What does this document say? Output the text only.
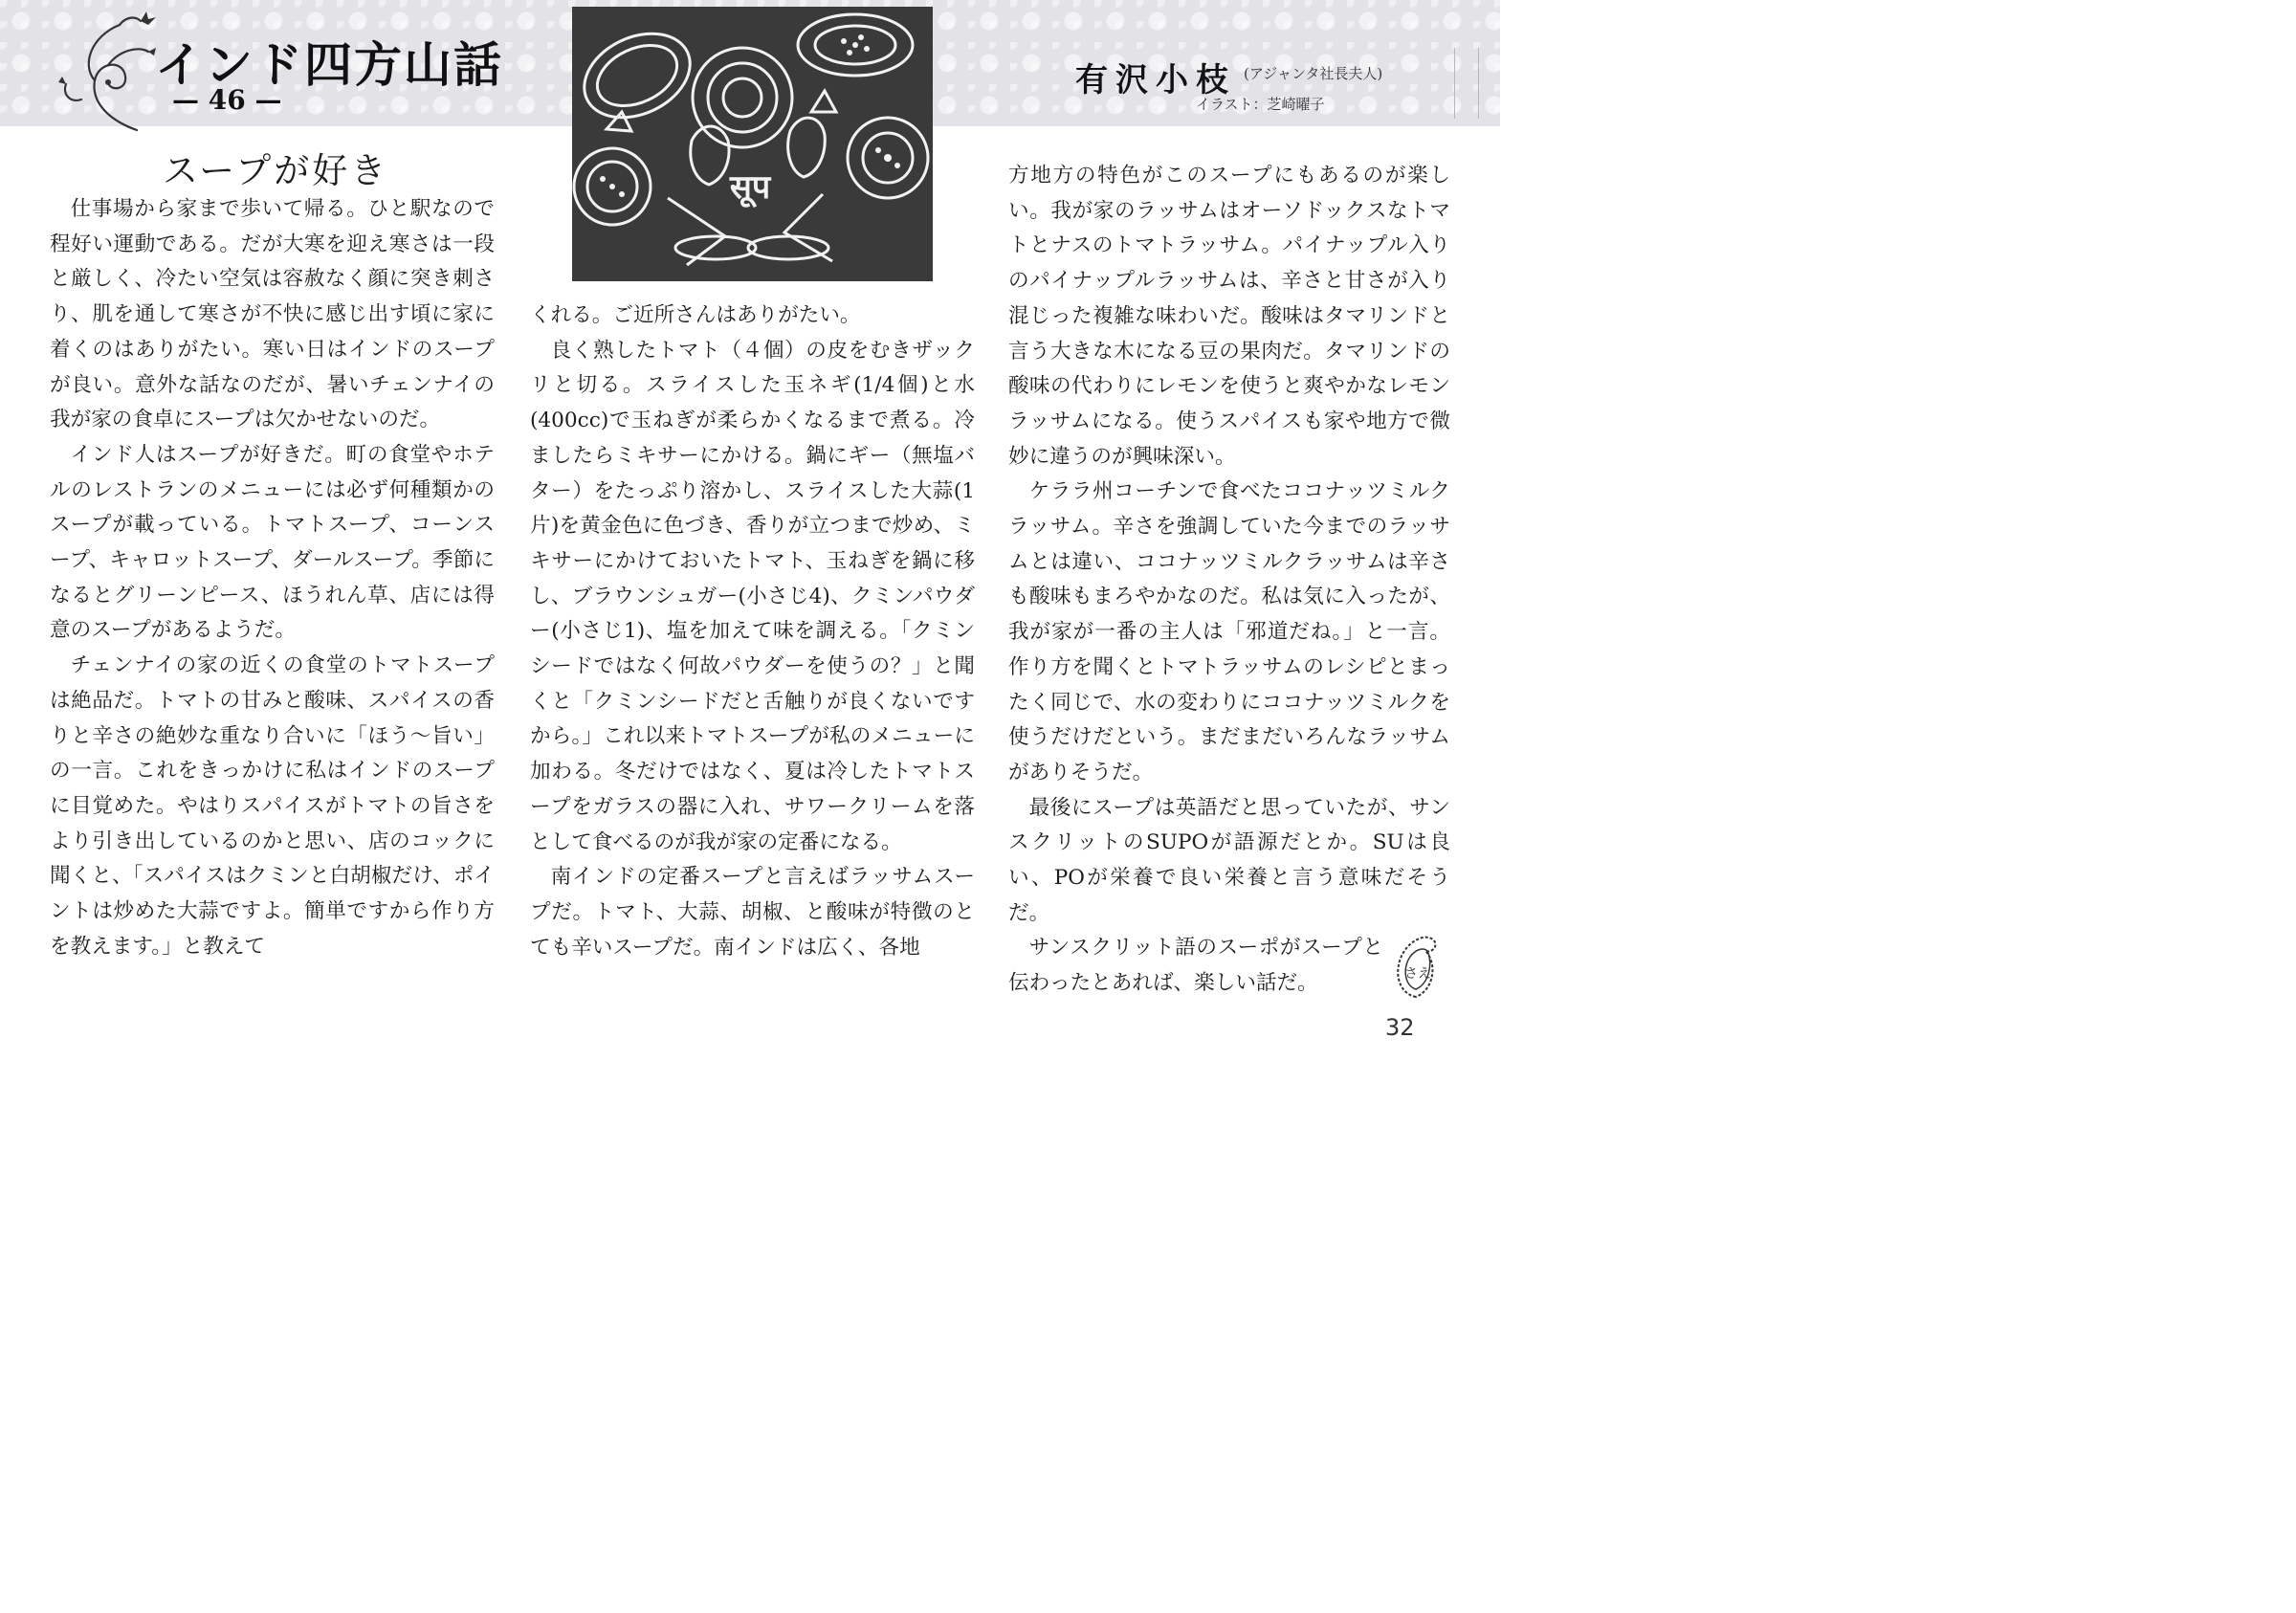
インド四方山話
— 46 —
सूप
有沢小枝 (アジャンタ社長夫人)
イラスト：芝崎曜子
スープが好き

仕事場から家まで歩いて帰る。ひと駅なので程好い運動である。だが大寒を迎え寒さは一段と厳しく、冷たい空気は容赦なく顔に突き刺さり、肌を通して寒さが不快に感じ出す頃に家に着くのはありがたい。寒い日はインドのスープが良い。意外な話なのだが、暑いチェンナイの我が家の食卓にスープは欠かせないのだ。

インド人はスープが好きだ。町の食堂やホテルのレストランのメニューには必ず何種類かのスープが載っている。トマトスープ、コーンスープ、キャロットスープ、ダールスープ。季節になるとグリーンピース、ほうれん草、店には得意のスープがあるようだ。

チェンナイの家の近くの食堂のトマトスープは絶品だ。トマトの甘みと酸味、スパイスの香りと辛さの絶妙な重なり合いに「ほう〜旨い」の一言。これをきっかけに私はインドのスープに目覚めた。やはりスパイスがトマトの旨さをより引き出しているのかと思い、店のコックに聞くと、「スパイスはクミンと白胡椒だけ、ポイントは炒めた大蒜ですよ。簡単ですから作り方を教えます。」と教えて

くれる。ご近所さんはありがたい。

良く熟したトマト（４個）の皮をむきザックリと切る。スライスした玉ネギ(1/4個)と水(400cc)で玉ねぎが柔らかくなるまで煮る。冷ましたらミキサーにかける。鍋にギー（無塩バター）をたっぷり溶かし、スライスした大蒜(1片)を黄金色に色づき、香りが立つまで炒め、ミキサーにかけておいたトマト、玉ねぎを鍋に移し、ブラウンシュガー(小さじ4)、クミンパウダー(小さじ1)、塩を加えて味を調える。「クミンシードではなく何故パウダーを使うの？」と聞くと「クミンシードだと舌触りが良くないですから。」これ以来トマトスープが私のメニューに加わる。冬だけではなく、夏は冷したトマトスープをガラスの器に入れ、サワークリームを落として食べるのが我が家の定番になる。

南インドの定番スープと言えばラッサムスープだ。トマト、大蒜、胡椒、と酸味が特徴のとても辛いスープだ。南インドは広く、各地

方地方の特色がこのスープにもあるのが楽しい。我が家のラッサムはオーソドックスなトマトとナスのトマトラッサム。パイナップル入りのパイナップルラッサムは、辛さと甘さが入り混じった複雑な味わいだ。酸味はタマリンドと言う大きな木になる豆の果肉だ。タマリンドの酸味の代わりにレモンを使うと爽やかなレモンラッサムになる。使うスパイスも家や地方で微妙に違うのが興味深い。

ケララ州コーチンで食べたココナッツミルクラッサム。辛さを強調していた今までのラッサムとは違い、ココナッツミルクラッサムは辛さも酸味もまろやかなのだ。私は気に入ったが、我が家が一番の主人は「邪道だね。」と一言。作り方を聞くとトマトラッサムのレシピとまったく同じで、水の変わりにココナッツミルクを使うだけだという。まだまだいろんなラッサムがありそうだ。

最後にスープは英語だと思っていたが、サンスクリットのSUPOが語源だとか。SUは良い、POが栄養で良い栄養と言う意味だそうだ。

サンスクリット語のスーポがスープと伝わったとあれば、楽しい話だ。	さえ
32
